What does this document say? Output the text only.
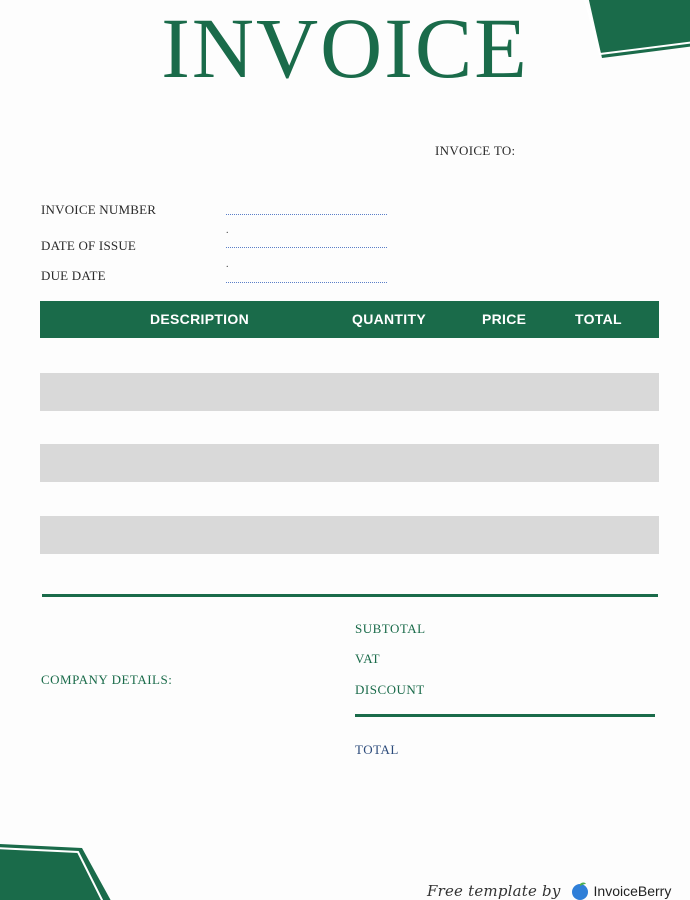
INVOICE
INVOICE TO:
INVOICE NUMBER
.
DATE OF ISSUE
.
DUE DATE
DESCRIPTION	QUANTITY	PRICE	TOTAL
SUBTOTAL
VAT
COMPANY DETAILS:
DISCOUNT
TOTAL
Free template by InvoiceBerry
